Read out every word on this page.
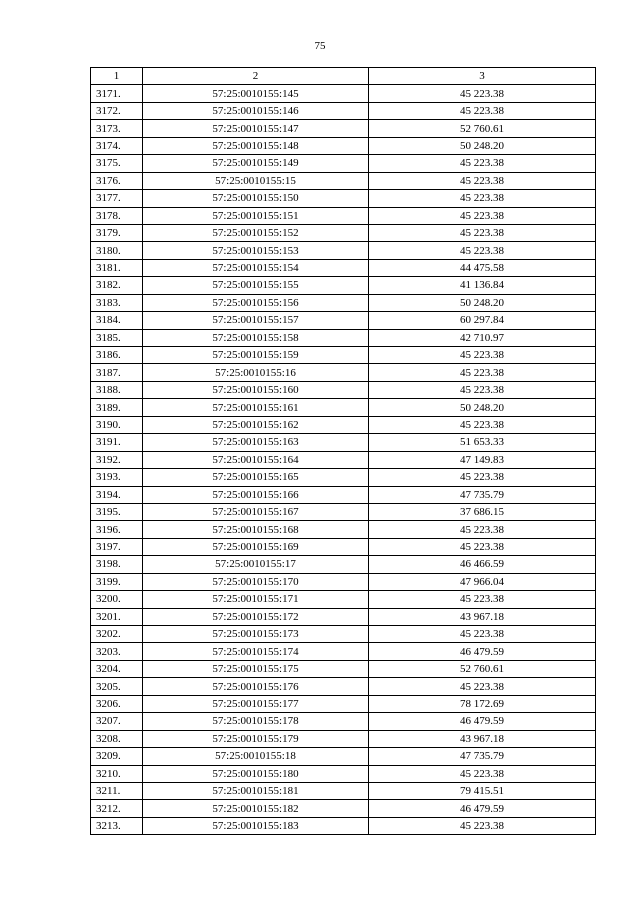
75
1	2	3
3171.	57:25:0010155:145	45 223.38
3172.	57:25:0010155:146	45 223.38
3173.	57:25:0010155:147	52 760.61
3174.	57:25:0010155:148	50 248.20
3175.	57:25:0010155:149	45 223.38
3176.	57:25:0010155:15	45 223.38
3177.	57:25:0010155:150	45 223.38
3178.	57:25:0010155:151	45 223.38
3179.	57:25:0010155:152	45 223.38
3180.	57:25:0010155:153	45 223.38
3181.	57:25:0010155:154	44 475.58
3182.	57:25:0010155:155	41 136.84
3183.	57:25:0010155:156	50 248.20
3184.	57:25:0010155:157	60 297.84
3185.	57:25:0010155:158	42 710.97
3186.	57:25:0010155:159	45 223.38
3187.	57:25:0010155:16	45 223.38
3188.	57:25:0010155:160	45 223.38
3189.	57:25:0010155:161	50 248.20
3190.	57:25:0010155:162	45 223.38
3191.	57:25:0010155:163	51 653.33
3192.	57:25:0010155:164	47 149.83
3193.	57:25:0010155:165	45 223.38
3194.	57:25:0010155:166	47 735.79
3195.	57:25:0010155:167	37 686.15
3196.	57:25:0010155:168	45 223.38
3197.	57:25:0010155:169	45 223.38
3198.	57:25:0010155:17	46 466.59
3199.	57:25:0010155:170	47 966.04
3200.	57:25:0010155:171	45 223.38
3201.	57:25:0010155:172	43 967.18
3202.	57:25:0010155:173	45 223.38
3203.	57:25:0010155:174	46 479.59
3204.	57:25:0010155:175	52 760.61
3205.	57:25:0010155:176	45 223.38
3206.	57:25:0010155:177	78 172.69
3207.	57:25:0010155:178	46 479.59
3208.	57:25:0010155:179	43 967.18
3209.	57:25:0010155:18	47 735.79
3210.	57:25:0010155:180	45 223.38
3211.	57:25:0010155:181	79 415.51
3212.	57:25:0010155:182	46 479.59
3213.	57:25:0010155:183	45 223.38
